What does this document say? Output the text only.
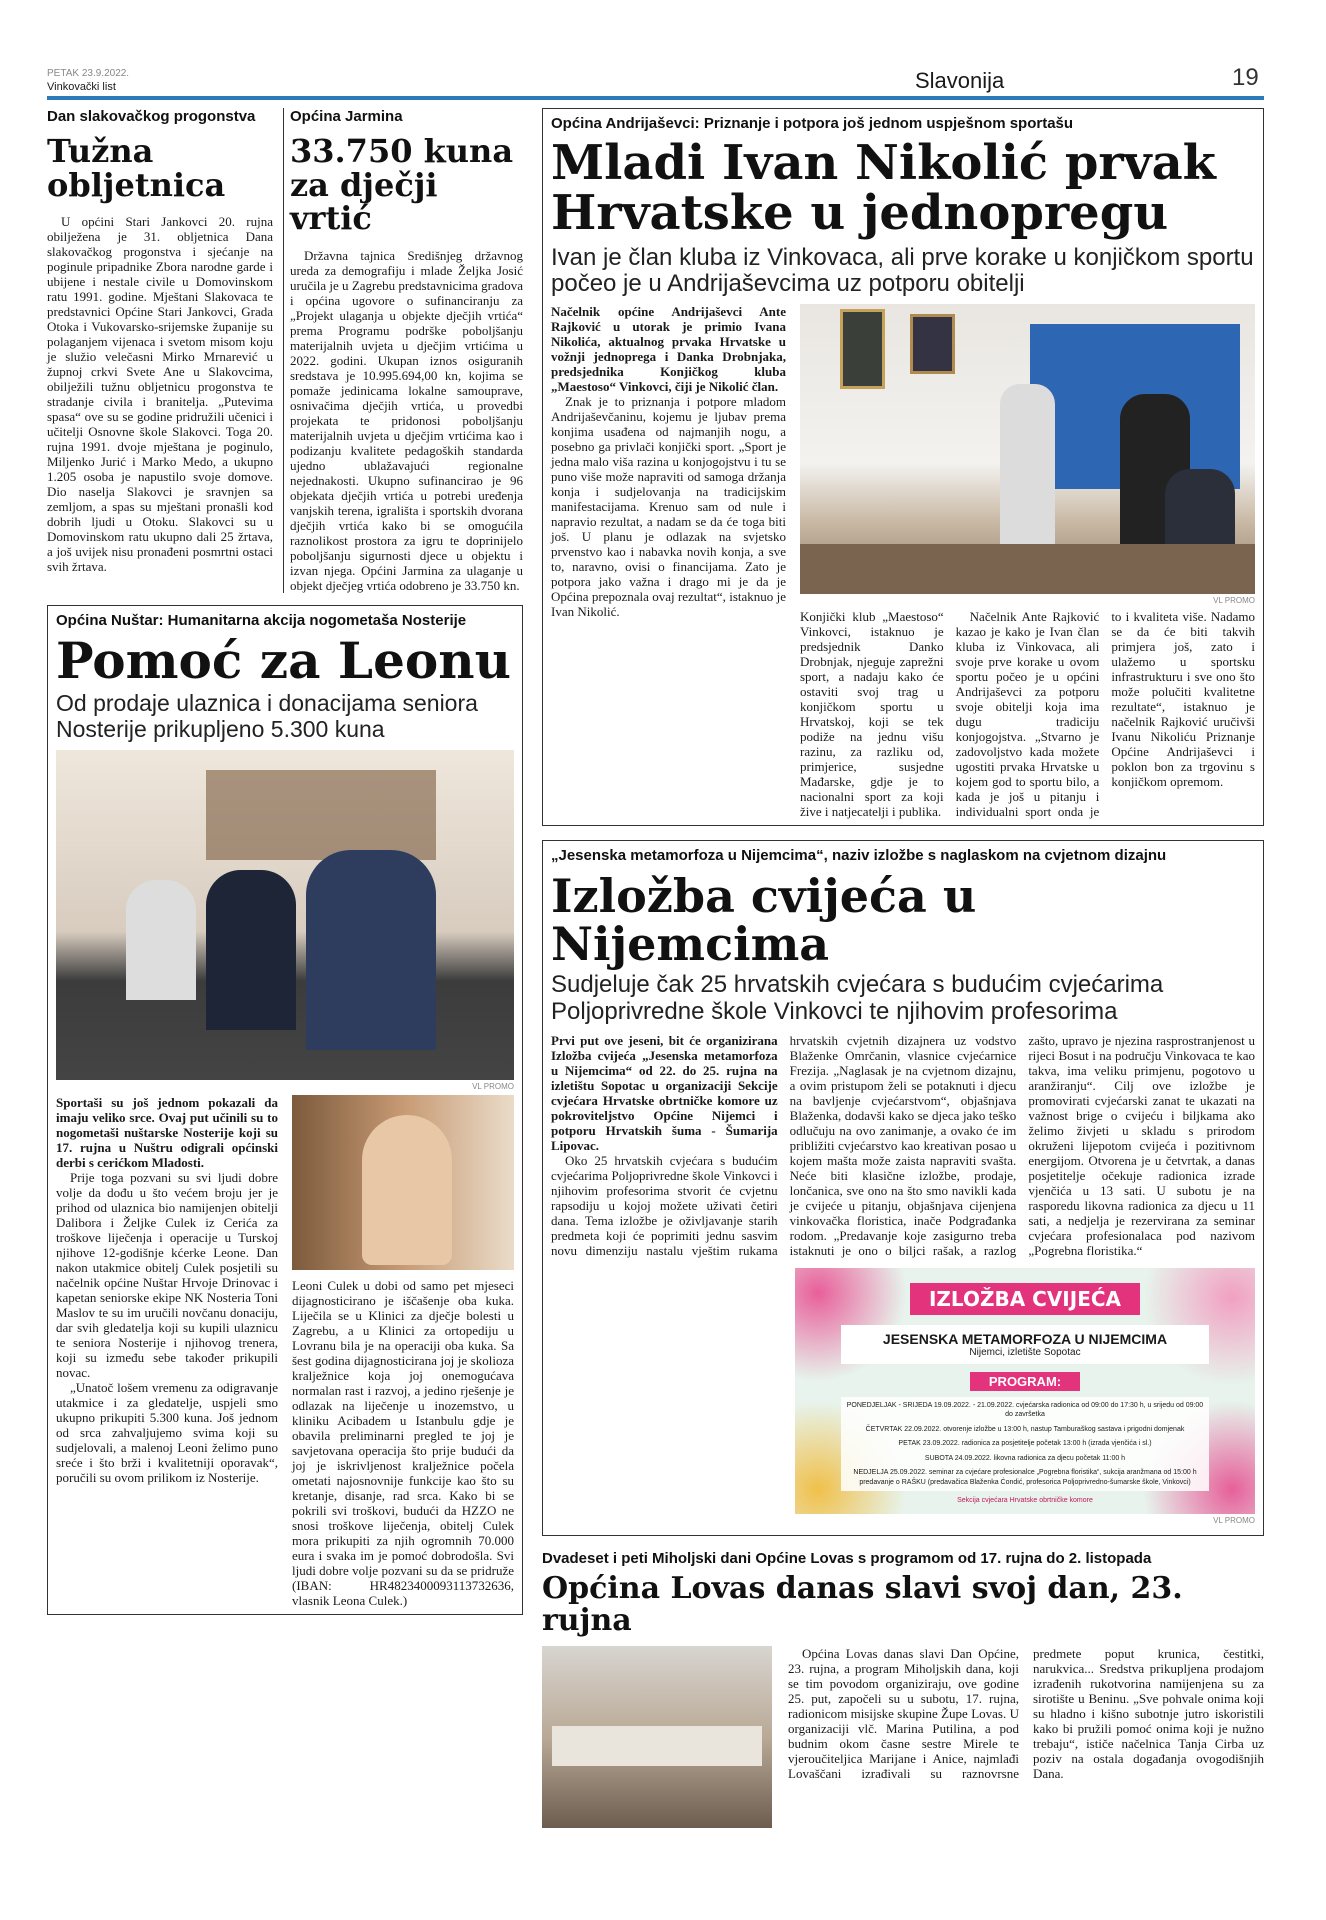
PETAK 23.9.2022.
Vinkovački list	Slavonija	19
Dan slakovačkog progonstva
Tužna obljetnica

U općini Stari Jankovci 20. rujna obilježena je 31. obljetnica Dana slakovačkog progonstva i sjećanje na poginule pripadnike Zbora narodne garde i ubijene i nestale civile u Domovinskom ratu 1991. godine. Mještani Slakovaca te predstavnici Općine Stari Jankovci, Grada Otoka i Vukovarsko-srijemske županije su polaganjem vijenaca i svetom misom koju je služio velečasni Mirko Mrnarević u župnoj crkvi Svete Ane u Slakovcima, obilježili tužnu obljetnicu progonstva te stradanje civila i branitelja. „Putevima spasa“ ove su se godine pridružili učenici i učitelji Osnovne škole Slakovci. Toga 20. rujna 1991. dvoje mještana je poginulo, Miljenko Jurić i Marko Medo, a ukupno 1.205 osoba je napustilo svoje domove. Dio naselja Slakovci je sravnjen sa zemljom, a spas su mještani pronašli kod dobrih ljudi u Otoku. Slakovci su u Domovinskom ratu ukupno dali 25 žrtava, a još uvijek nisu pronađeni posmrtni ostaci svih žrtava.

Općina Jarmina
33.750 kuna za dječji vrtić

Državna tajnica Središnjeg državnog ureda za demografiju i mlade Željka Josić uručila je u Zagrebu predstavnicima gradova i općina ugovore o sufinanciranju za „Projekt ulaganja u objekte dječjih vrtića“ prema Programu podrške poboljšanju materijalnih uvjeta u dječjim vrtićima u 2022. godini. Ukupan iznos osiguranih sredstava je 10.995.694,00 kn, kojima se pomaže jedinicama lokalne samouprave, osnivačima dječjih vrtića, u provedbi projekata te pridonosi poboljšanju materijalnih uvjeta u dječjim vrtićima kao i podizanju kvalitete pedagoških standarda ujedno ublažavajući regionalne nejednakosti. Ukupno sufinancirao je 96 objekata dječjih vrtića u potrebi uređenja vanjskih terena, igrališta i sportskih dvorana dječjih vrtića kako bi se omogućila raznolikost prostora za igru te doprinijelo poboljšanju sigurnosti djece u objektu i izvan njega. Općini Jarmina za ulaganje u objekt dječjeg vrtića odobreno je 33.750 kn.

Općina Nuštar: Humanitarna akcija nogometaša Nosterije
Pomoć za Leonu
Od prodaje ulaznica i donacijama seniora Nosterije prikupljeno 5.300 kuna
VL PROMO

Sportaši su još jednom pokazali da imaju veliko srce. Ovaj put učinili su to nogometaši nuštarske Nosterije koji su 17. rujna u Nuštru odigrali općinski derbi s cerićkom Mladosti.

Prije toga pozvani su svi ljudi dobre volje da dođu u što većem broju jer je prihod od ulaznica bio namijenjen obitelji Dalibora i Željke Culek iz Cerića za troškove liječenja i operacije u Turskoj njihove 12-godišnje kćerke Leone. Dan nakon utakmice obitelj Culek posjetili su načelnik općine Nuštar Hrvoje Drinovac i kapetan seniorske ekipe NK Nosteria Toni Maslov te su im uručili novčanu donaciju, dar svih gledatelja koji su kupili ulaznicu te seniora Nosterije i njihovog trenera, koji su između sebe također prikupili novac.

„Unatoč lošem vremenu za odigravanje utakmice i za gledatelje, uspjeli smo ukupno prikupiti 5.300 kuna. Još jednom od srca zahvaljujemo svima koji su sudjelovali, a malenoj Leoni želimo puno sreće i što brži i kvalitetniji oporavak“, poručili su ovom prilikom iz Nosterije.

Leoni Culek u dobi od samo pet mjeseci dijagnosticirano je iščašenje oba kuka. Liječila se u Klinici za dječje bolesti u Zagrebu, a u Klinici za ortopediju u Lovranu bila je na operaciji oba kuka. Sa šest godina dijagnosticirana joj je skolioza kralježnice koja joj onemogućava normalan rast i razvoj, a jedino rješenje je odlazak na liječenje u inozemstvo, u kliniku Acibadem u Istanbulu gdje je obavila preliminarni pregled te joj je savjetovana operacija što prije budući da joj je iskrivljenost kralježnice počela ometati najosnovnije funkcije kao što su kretanje, disanje, rad srca. Kako bi se pokrili svi troškovi, budući da HZZO ne snosi troškove liječenja, obitelj Culek mora prikupiti za njih ogromnih 70.000 eura i svaka im je pomoć dobrodošla. Svi ljudi dobre volje pozvani su da se pridruže (IBAN: HR4823400093113732636, vlasnik Leona Culek.)

Općina Andrijaševci: Priznanje i potpora još jednom uspješnom sportašu
Mladi Ivan Nikolić prvak Hrvatske u jednopregu
Ivan je član kluba iz Vinkovaca, ali prve korake u konjičkom sportu počeo je u Andrijaševcima uz potporu obitelji

Načelnik općine Andrijaševci Ante Rajković u utorak je primio Ivana Nikolića, aktualnog prvaka Hrvatske u vožnji jednoprega i Danka Drobnjaka, predsjednika Konjičkog kluba „Maestoso“ Vinkovci, čiji je Nikolić član.

Znak je to priznanja i potpore mladom Andrijaševčaninu, kojemu je ljubav prema konjima usađena od najmanjih nogu, a posebno ga privlači konjički sport. „Sport je jedna malo viša razina u konjogojstvu i tu se puno više može napraviti od samoga držanja konja i sudjelovanja na tradicijskim manifestacijama. Krenuo sam od nule i napravio rezultat, a nadam se da će toga biti još. U planu je odlazak na svjetsko prvenstvo kao i nabavka novih konja, a sve to, naravno, ovisi o financijama. Zato je potpora jako važna i drago mi je da je Općina prepoznala ovaj rezultat“, istaknuo je Ivan Nikolić.

VL PROMO

Konjički klub „Maestoso“ Vinkovci, istaknuo je predsjednik Danko Drobnjak, njeguje zaprežni sport, a nadaju kako će ostaviti svoj trag u konjičkom sportu u Hrvatskoj, koji se tek podiže na jednu višu razinu, za razliku od, primjerice, susjedne Mađarske, gdje je to nacionalni sport za koji žive i natjecatelji i publika.

Načelnik Ante Rajković kazao je kako je Ivan član kluba iz Vinkovaca, ali svoje prve korake u ovom sportu počeo je u općini Andrijaševci za potporu svoje obitelji koja ima dugu tradiciju konjogojstva. „Stvarno je zadovoljstvo kada možete ugostiti prvaka Hrvatske u kojem god to sportu bilo, a kada je još u pitanju i individualni sport onda je to i kvaliteta više. Nadamo se da će biti takvih primjera još, zato i ulažemo u sportsku infrastrukturu i sve ono što može polučiti kvalitetne rezultate“, istaknuo je načelnik Rajković uručivši Ivanu Nikoliću Priznanje Općine Andrijaševci i poklon bon za trgovinu s konjičkom opremom.

„Jesenska metamorfoza u Nijemcima“, naziv izložbe s naglaskom na cvjetnom dizajnu
Izložba cvijeća u Nijemcima
Sudjeluje čak 25 hrvatskih cvjećara s budućim cvjećarima Poljoprivredne škole Vinkovci te njihovim profesorima

Prvi put ove jeseni, bit će organizirana Izložba cvijeća „Jesenska metamorfoza u Nijemcima“ od 22. do 25. rujna na izletištu Sopotac u organizaciji Sekcije cvjećara Hrvatske obrtničke komore uz pokroviteljstvo Općine Nijemci i potporu Hrvatskih šuma - Šumarija Lipovac.

Oko 25 hrvatskih cvjećara s budućim cvjećarima Poljoprivredne škole Vinkovci i njihovim profesorima stvorit će cvjetnu rapsodiju u kojoj možete uživati četiri dana. Tema izložbe je oživljavanje starih predmeta koji će poprimiti jednu sasvim novu dimenziju nastalu vještim rukama hrvatskih cvjetnih dizajnera uz vodstvo Blaženke Omrčanin, vlasnice cvjećarnice Frezija. „Naglasak je na cvjetnom dizajnu, a ovim pristupom želi se potaknuti i djecu na bavljenje cvjećarstvom“, objašnjava Blaženka, dodavši kako se djeca jako teško odlučuju na ovo zanimanje, a ovako će im približiti cvjećarstvo kao kreativan posao u kojem mašta može zaista napraviti svašta. Neće biti klasične izložbe, prodaje, lončanica, sve ono na što smo navikli kada je cvijeće u pitanju, objašnjava cijenjena vinkovačka floristica, inače Podgrađanka rodom. „Predavanje koje zasigurno treba istaknuti je ono o biljci rašak, a razlog zašto, upravo je njezina rasprostranjenost u rijeci Bosut i na području Vinkovaca te kao takva, ima veliku primjenu, pogotovo u aranžiranju“. Cilj ove izložbe je promovirati cvjećarski zanat te ukazati na važnost brige o cvijeću i biljkama ako želimo živjeti u skladu s prirodom okruženi lijepotom cvijeća i pozitivnom energijom. Otvorena je u četvrtak, a danas posjetitelje očekuje radionica izrade vjenčića u 13 sati. U subotu je na rasporedu likovna radionica za djecu u 11 sati, a nedjelja je rezervirana za seminar cvjećara profesionalaca pod nazivom „Pogrebna floristika.“

IZLOŽBA CVIJEĆA
JESENSKA METAMORFOZA U NIJEMCIMA
Nijemci, izletište Sopotac
PROGRAM:
PONEDJELJAK - SRIJEDA 19.09.2022. - 21.09.2022. cvjećarska radionica od 09:00 do 17:30 h, u srijedu od 09:00 do završetka
ČETVRTAK 22.09.2022. otvorenje izložbe u 13:00 h, nastup Tamburaškog sastava i prigodni domjenak
PETAK 23.09.2022. radionica za posjetitelje početak 13:00 h (izrada vjenčića i sl.)
SUBOTA 24.09.2022. likovna radionica za djecu početak 11:00 h
NEDJELJA 25.09.2022. seminar za cvjećare profesionalce „Pogrebna floristika“, sukcija aranžmana od 15:00 h predavanje o RAŠKU (predavačica Blaženka Ćondić, profesorica Poljoprivredno-šumarske škole, Vinkovci)
Sekcija cvjećara Hrvatske obrtničke komore
VL PROMO
Dvadeset i peti Miholjski dani Općine Lovas s programom od 17. rujna do 2. listopada
Općina Lovas danas slavi svoj dan, 23. rujna

Općina Lovas danas slavi Dan Općine, 23. rujna, a program Miholjskih dana, koji se tim povodom organiziraju, ove godine 25. put, započeli su u subotu, 17. rujna, radionicom misijske skupine Župe Lovas. U organizaciji vlč. Marina Putilina, a pod budnim okom časne sestre Mirele te vjeroučiteljica Marijane i Anice, najmlađi Lovaščani izrađivali su raznovrsne predmete poput krunica, čestitki, narukvica... Sredstva prikupljena prodajom izrađenih rukotvorina namijenjena su za sirotište u Beninu. „Sve pohvale onima koji su hladno i kišno subotnje jutro iskoristili kako bi pružili pomoć onima koji je nužno trebaju“, ističe načelnica Tanja Cirba uz poziv na ostala događanja ovogodišnjih Dana.
